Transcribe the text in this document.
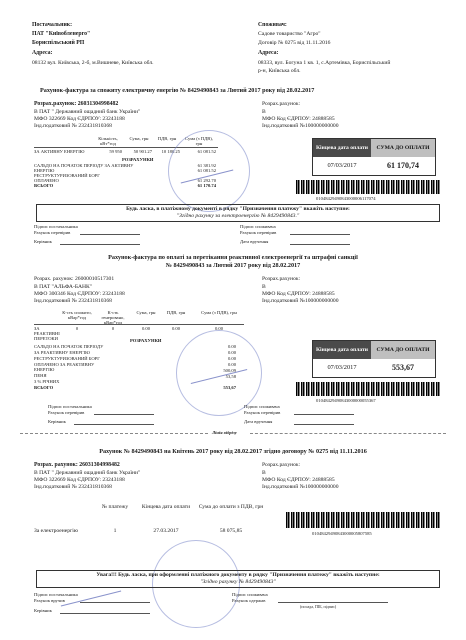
Постачальник:
ПАТ "Київобленерго"
Бориспільський РП
Адреса:
08132 вул. Київська, 2-б, м.Вишневе, Київська обл.
Споживач:
Садове товариство "Агро"
Договір № 0275 від 11.11.2016
Адреса:
08333, вул. Богуна 1 кв. 1, с.Артемівка, Бориспільський
р-н, Київська обл.
Рахунок-фактура за спожиту електричну енергію № 8429490843 за Лютий 2017 року від 28.02.2017
Розрах.рахунок: 26031304998482
В ПАТ " Державний ощадний банк України"
МФО 322669 Код ЄДРПОУ: 23243188
Інд.податковий № 232431810368
Розрах.рахунок:
В
МФО Код ЄДРПОУ: 24888585
Інд.податковий №100000000000
Кількість, кВт*год
Сума, грн	ПДВ, грн	Сума (з ПДВ), грн
ЗА АКТИВНУ ЕНЕРГІЮ	59 950	50 901.27	10 180.25	61 081.52
РОЗРАХУНКИ
САЛЬДО НА ПОЧАТОК ПЕРІОДУ ЗА АКТИВНУ	61 381.92
ЕНЕРГІЮ	61 081.52
РЕСТРУКТУРИЗОВАНИЙ БОРГ
ОПЛАЧЕНО	61 292.70
ВСЬОГО	61 170.74
Кінцева дата оплати	СУМА ДО ОПЛАТИ
07/03/2017	61 170,74
01048429490843000006117074
Будь ласка, в платіжному документі в рядку "Призначення платежу" вкажіть наступне:
"Згідно рахунку за електроенергію № 8429490843."
Підпис постачальника
Рахунок перевірив
Керівник
Підпис споживача
Рахунок перевірив
Дата вручення
Рахунок-фактура по оплаті за перетікання реактивної електроенергії та штрафні санкції
№ 8429490843 за Лютий 2017 року від 28.02.2017
Розрах. рахунок: 26000010517301
В ПАТ "АЛЬФА-БАНК"
МФО 300346 Код ЄДРПОУ: 23243188
Інд.податковий № 232431810368
Розрах.рахунок:
В
МФО Код ЄДРПОУ: 24888585
Інд.податковий №100000000000
К-сть спожито, кВар*год
К-сть генеровано, кВар*год
Сума, грн	ПДВ, грн	Сума (з ПДВ), грн
ЗА РЕАКТИВНІ ПЕРЕТОКИ
0	0	0.00	0.00	0.00
РОЗРАХУНКИ
САЛЬДО НА ПОЧАТОК ПЕРІОДУ	0.00
ЗА РЕАКТИВНУ ЕНЕРГІЮ	0.00
РЕСТРУКТУРИЗОВАНИЙ БОРГ	0.00
ОПЛАЧЕНО ЗА РЕАКТИВНУ	0.00
ЕНЕРГІЮ	500,09
ПЕНЯ	53,58
3 % РІЧНИХ
ВСЬОГО	553,67
Кінцева дата оплати	СУМА ДО ОПЛАТИ
07/03/2017	553,67
01048429490843000000055367
Підпис постачальника
Рахунок перевірив
Керівник
Підпис споживача
Рахунок перевірив
Дата вручення
Лінія відрізу
Рахунок № 8429490843 на Квітень 2017 року від 28.02.2017 згідно договору № 0275 від 11.11.2016
Розрах. рахунок: 26031304998482
В ПАТ " Державний ощадний банк України"
МФО 322669 Код ЄДРПОУ: 23243188
Інд.податковий № 232431810368
Розрах.рахунок:
В
МФО Код ЄДРПОУ: 24888585
Інд.податковий №100000000000
№ платежу	Кінцева дата оплати	Сума до оплати з ПДВ, грн
За електроенергію	1	27.03.2017	58 075,85	01048429490843000005807585
Увага!!! Будь ласка, при оформленні платіжного документу в рядку "Призначення платежу" вкажіть наступне:
"Згідно рахунку № 8429490843"
Підпис постачальника
Рахунок вручив
Керівник
Підпис споживача
Рахунок одержав
(посада, ПІБ, підпис)
